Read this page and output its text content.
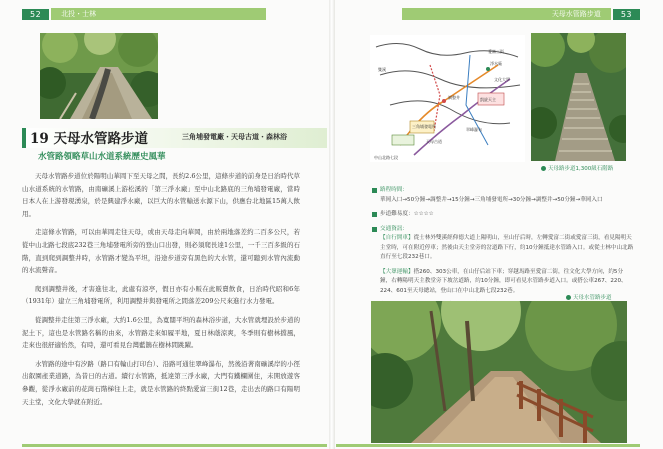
52	北投・士林	天母水管路步道	53
19 天母水管路步道	三角埔發電廠・天母古道・森林浴
水管路領略草山水道系統歷史風華

天母水管路步道位於陽明山華岡下至天母之間，長約2.6公里，這條步道的前身是日治時代草山水道系統的水管路，由南礦溪上游松溪的「第三淨水廠」至中山北路底的三角埔發電廠，當時日本人在上游發現湧泉，於是興建淨水廠，以巨大的水管輸送水源下山，供應台北地區15萬人飲用。

走這條水管路，可以由華岡走往天母，或由天母走向華岡，由於兩地落差約二百多公尺，若從中山北路七段底232巷三角埔發電所旁的登山口出發，則必須爬長達1公里，一千三百多級的石階，直到爬到調整井時，水管路才變為平坦，沿途步道旁有黑色的大水管，還可聽到水管內流動的水流聲音。

爬到調整井後，才害進往北，此處有涼亭，假日亦有小販在此販賣飲食，日治時代昭和6年（1931年）建立三角埔發電所，利用調整井與發電所之間落差209公尺來進行水力發電。

從調整井走往第三淨水廠，大約1.6公里，為寬闊平坦的森林浴步道，大水管就埋設於步道的泥土下，這也是水管路名稱的由來，水管路走來如履平地，夏日林蔭涼爽，冬季則有樹林擋風，走來也很舒適怡然，有時，還可看見台灣藍鵲在樹林間跳躍。

水管路的途中有汐路（路口有輪山打印台）、沿路可通往翠峰瀑布，然後沿著南礦溪岸的小徑出叡園產業道路，為昔日的古道。續行水管路，抵達第三淨水廠，大門有鐵欄圍住，未開放遊客參觀，從淨水廠前的花崗石階梯往上走，就是水管路的終點愛富三街12巷，走出去的路口有陽明天主堂，文化大學就在附近。

三角埔發電所
調整井	凱旋天主
天母古道
中山北路七段
雙溪
淨水廠
翠峰瀑布
愛富三街
文化大學
天母路步道1,300級石階路
路程時間：
華岡入口→50分鐘→調整井→15分鐘→三角埔發電所→30分鐘→調整井→50分鐘→華岡入口
步道難易度：☆☆☆☆
交通資訊：
【自行開車】從士林外雙溪經仰德大道上陽明山，至山仔后時，左轉愛富二街或愛富三街，看見陽明天主堂時，可在附近停車；然後由天主堂旁的岔道路下行，約10分鐘抵達水管路入口。或從士林中山北路直行至七段232巷口。
【大眾運輸】搭260、303公車，在山仔后站下車；穿越馬路至愛富二街，往文化大學方向，約5分鐘，右轉陽明天主教堂旁下坡岔道路，約10分鐘，即可看見水管路步道入口。或搭公車267、220、224、601至天母總站，登山口在中山北路七段232巷。
天母水管路步道
